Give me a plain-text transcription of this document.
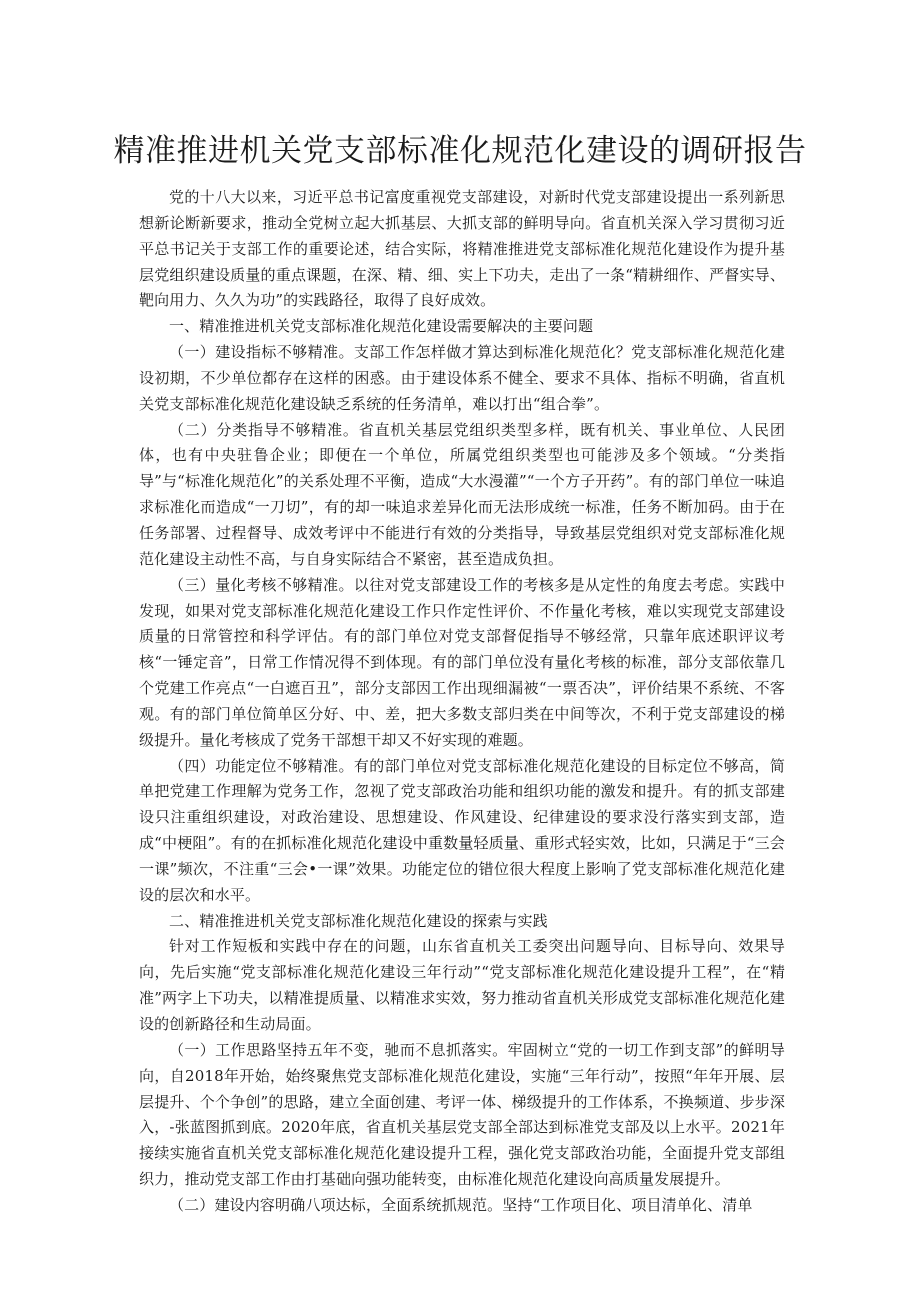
精准推进机关党支部标准化规范化建设的调研报告

党的十八大以来，习近平总书记富度重视党支部建设，对新时代党支部建设提出一系列新思想新论断新要求，推动全党树立起大抓基层、大抓支部的鲜明导向。省直机关深入学习贯彻习近平总书记关于支部工作的重要论述，结合实际，将精准推进党支部标准化规范化建设作为提升基层党组织建设质量的重点课题，在深、精、细、实上下功夫，走出了一条“精耕细作、严督实导、靶向用力、久久为功”的实践路径，取得了良好成效。

一、精准推进机关党支部标准化规范化建设需要解决的主要问题

（一）建设指标不够精准。支部工作怎样做才算达到标准化规范化？党支部标准化规范化建设初期，不少单位都存在这样的困惑。由于建设体系不健全、要求不具体、指标不明确，省直机关党支部标准化规范化建设缺乏系统的任务清单，难以打出“组合拳”。

（二）分类指导不够精准。省直机关基层党组织类型多样，既有机关、事业单位、人民团体，也有中央驻鲁企业；即便在一个单位，所属党组织类型也可能涉及多个领域。“分类指导”与“标准化规范化”的关系处理不平衡，造成“大水漫灌”“一个方子开药”。有的部门单位一味追求标准化而造成“一刀切”，有的却一味追求差异化而无法形成统一标准，任务不断加码。由于在任务部署、过程督导、成效考评中不能进行有效的分类指导，导致基层党组织对党支部标准化规范化建设主动性不高，与自身实际结合不紧密，甚至造成负担。

（三）量化考核不够精准。以往对党支部建设工作的考核多是从定性的角度去考虑。实践中发现，如果对党支部标准化规范化建设工作只作定性评价、不作量化考核，难以实现党支部建设质量的日常管控和科学评估。有的部门单位对党支部督促指导不够经常，只靠年底述职评议考核“一锤定音”，日常工作情况得不到体现。有的部门单位没有量化考核的标准，部分支部依靠几个党建工作亮点“一白遮百丑”，部分支部因工作出现细漏被“一票否决”，评价结果不系统、不客观。有的部门单位简单区分好、中、差，把大多数支部归类在中间等次，不利于党支部建设的梯级提升。量化考核成了党务干部想干却又不好实现的难题。

（四）功能定位不够精准。有的部门单位对党支部标准化规范化建设的目标定位不够高，简单把党建工作理解为党务工作，忽视了党支部政治功能和组织功能的激发和提升。有的抓支部建设只注重组织建设，对政治建设、思想建设、作风建设、纪律建设的要求没行落实到支部，造成“中梗阻”。有的在抓标准化规范化建设中重数量轻质量、重形式轻实效，比如，只满足于“三会一课”频次，不注重“三会•一课”效果。功能定位的错位很大程度上影响了党支部标准化规范化建设的层次和水平。

二、精准推进机关党支部标准化规范化建设的探索与实践

针对工作短板和实践中存在的问题，山东省直机关工委突出问题导向、目标导向、效果导向，先后实施“党支部标准化规范化建设三年行动”“党支部标准化规范化建设提升工程”，在“精准”两字上下功夫，以精准提质量、以精准求实效，努力推动省直机关形成党支部标准化规范化建设的创新路径和生动局面。

（一）工作思路坚持五年不变，驰而不息抓落实。牢固树立“党的一切工作到支部”的鲜明导向，自2018年开始，始终聚焦党支部标准化规范化建设，实施“三年行动”，按照“年年开展、层层提升、个个争创”的思路，建立全面创建、考评一体、梯级提升的工作体系，不换频道、步步深入，-张蓝图抓到底。2020年底，省直机关基层党支部全部达到标准党支部及以上水平。2021年接续实施省直机关党支部标准化规范化建设提升工程，强化党支部政治功能，全面提升党支部组织力，推动党支部工作由打基础向强功能转变，由标准化规范化建设向高质量发展提升。

（二）建设内容明确八项达标，全面系统抓规范。坚持“工作项目化、项目清单化、清单
